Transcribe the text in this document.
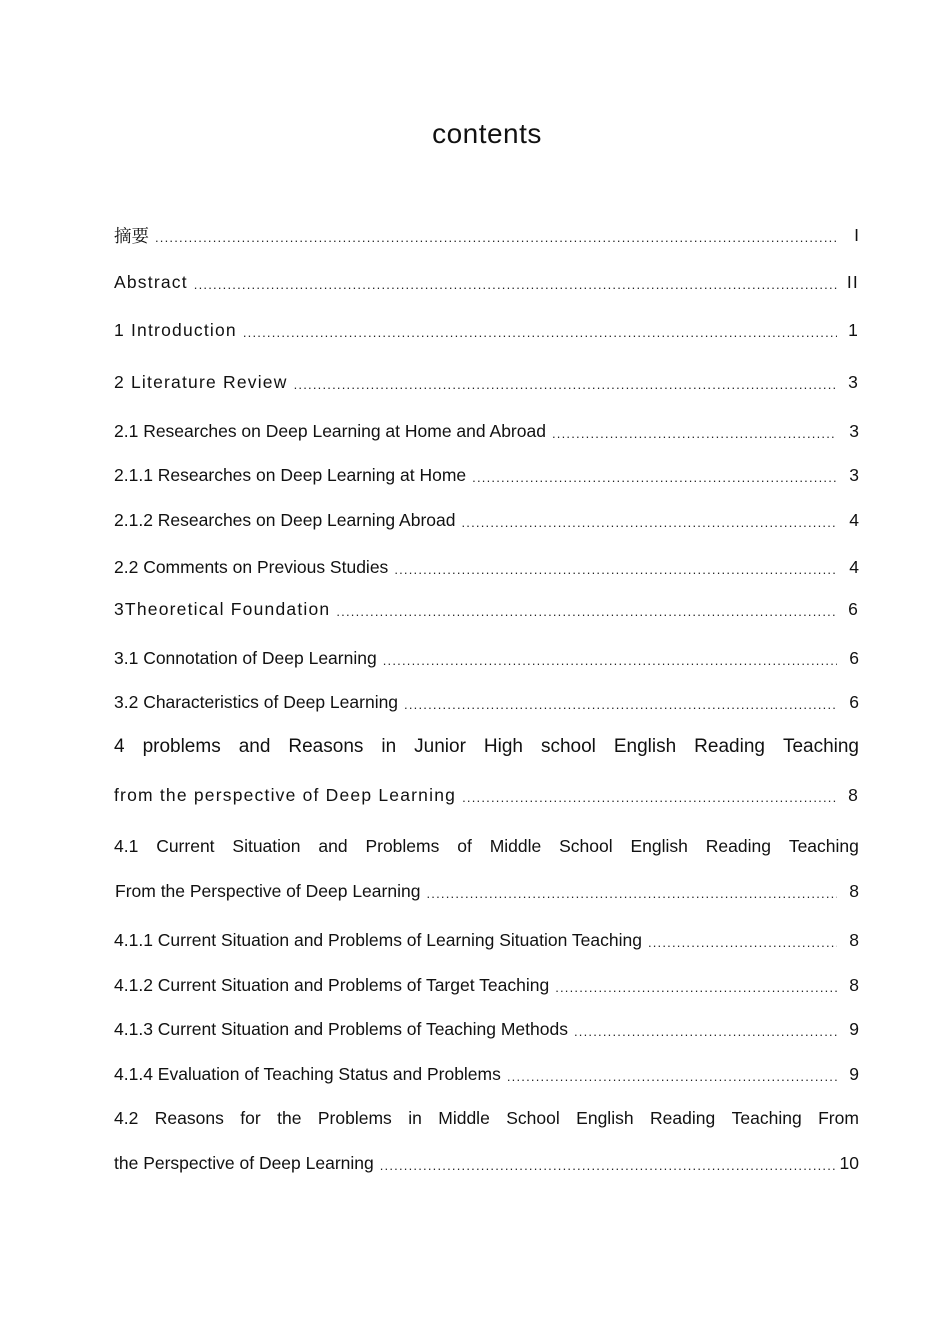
contents
摘要 .....	I
Abstract .....	II
1 Introduction .....	1
2 Literature Review .....	3
2.1 Researches on Deep Learning at Home and Abroad .....	3
2.1.1 Researches on Deep Learning at Home .....	3
2.1.2 Researches on Deep Learning Abroad .....	4
2.2 Comments on Previous Studies .....	4
3Theoretical Foundation .....	6
3.1 Connotation of Deep Learning .....	6
3.2 Characteristics of Deep Learning .....	6
4 problems and Reasons in Junior High school English Reading Teaching
from the perspective of Deep Learning .....	8
4.1 Current Situation and Problems of Middle School English Reading Teaching
From the Perspective of Deep Learning .....	8
4.1.1 Current Situation and Problems of Learning Situation Teaching .....	8
4.1.2 Current Situation and Problems of Target Teaching .....	8
4.1.3 Current Situation and Problems of Teaching Methods .....	9
4.1.4 Evaluation of Teaching Status and Problems .....	9
4.2 Reasons for the Problems in Middle School English Reading Teaching From
the Perspective of Deep Learning .....	10
